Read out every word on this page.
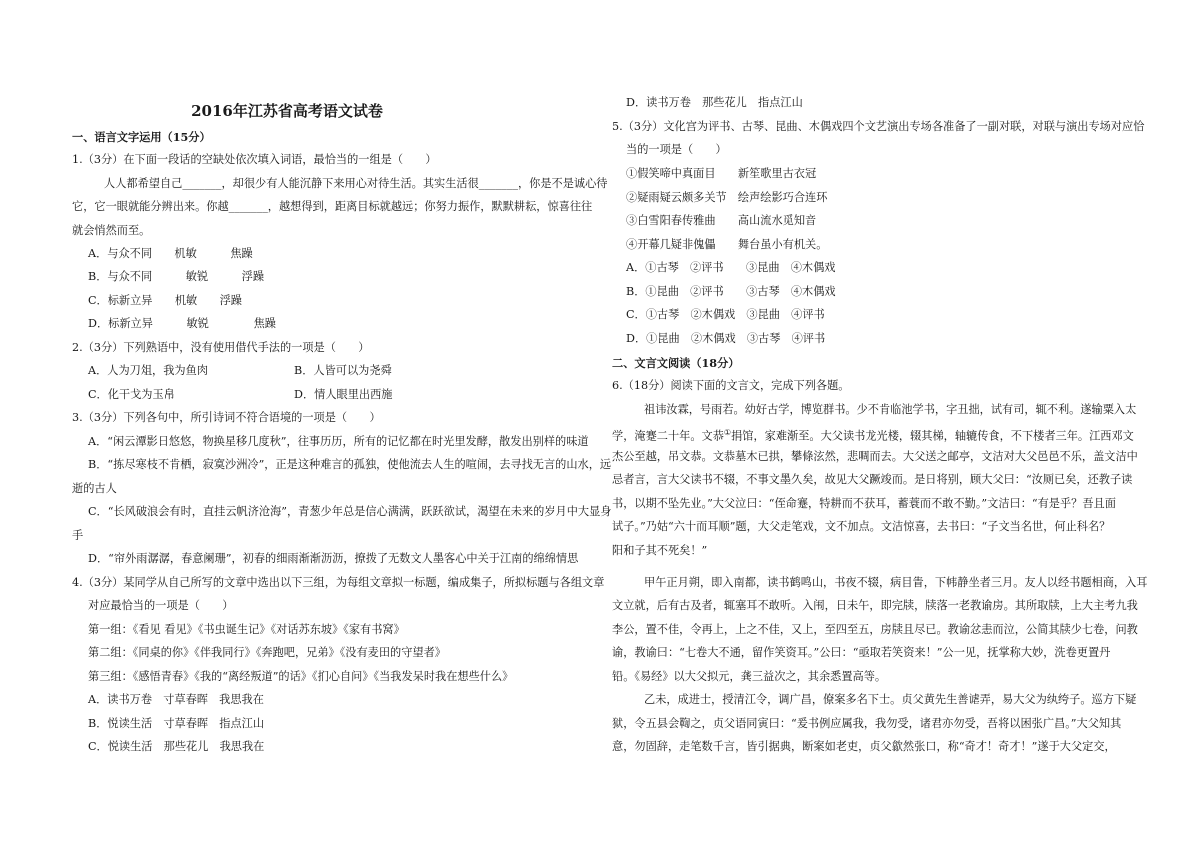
2016年江苏省高考语文试卷
一、语言文字运用（15分）
1.（3分）在下面一段话的空缺处依次填入词语，最恰当的一组是（　　）
人人都希望自己_______，却很少有人能沉静下来用心对待生活。其实生活很_______，你是不是诚心待
它，它一眼就能分辨出来。你越_______，越想得到，距离目标就越远；你努力振作，默默耕耘，惊喜往往
就会悄然而至。
A．与众不同　　机敏　　　焦躁
B．与众不同　　　敏锐　　　浮躁
C．标新立异　　机敏　　浮躁
D．标新立异　　　敏锐　　　　焦躁
2.（3分）下列熟语中，没有使用借代手法的一项是（　　）
A．人为刀俎，我为鱼肉	B．人皆可以为尧舜
C．化干戈为玉帛	D．情人眼里出西施
3.（3分）下列各句中，所引诗词不符合语境的一项是（　　）
A．“闲云潭影日悠悠，物换星移几度秋”，往事历历，所有的记忆都在时光里发酵，散发出别样的味道
B．“拣尽寒枝不肯栖，寂寞沙洲冷”，正是这种难言的孤独，使他流去人生的喧闹，去寻找无言的山水，远
逝的古人
C．“长风破浪会有时，直挂云帆济沧海”，青葱少年总是信心满满，跃跃欲试，渴望在未来的岁月中大显身
手
D．“帘外雨潺潺，春意阑珊”，初春的细雨渐渐沥沥，撩拨了无数文人墨客心中关于江南的绵绵情思
4.（3分）某同学从自己所写的文章中选出以下三组，为每组文章拟一标题，编成集子，所拟标题与各组文章
对应最恰当的一项是（　　）
第一组：《看见 看见》《书虫诞生记》《对话苏东坡》《家有书窝》
第二组：《同桌的你》《伴我同行》《奔跑吧，兄弟》《没有麦田的守望者》
第三组：《感悟青春》《我的“离经叛道”的话》《扪心自问》《当我发呆时我在想些什么》
A．读书万卷　寸草春晖　我思我在
B．悦读生活　寸草春晖　指点江山
C．悦读生活　那些花儿　我思我在
D．读书万卷　那些花儿　指点江山
5.（3分）文化宫为评书、古琴、昆曲、木偶戏四个文艺演出专场各准备了一副对联，对联与演出专场对应恰
当的一项是（　　）
①假笑啼中真面目　　新笙歌里古衣冠
②疑雨疑云颇多关节　绘声绘影巧合连环
③白雪阳春传雅曲　　高山流水觅知音
④开幕几疑非傀儡　　舞台虽小有机关。
A．①古琴　②评书　　③昆曲　④木偶戏
B．①昆曲　②评书　　③古琴　④木偶戏
C．①古琴　②木偶戏　③昆曲　④评书
D．①昆曲　②木偶戏　③古琴　④评书
二、文言文阅读（18分）
6.（18分）阅读下面的文言文，完成下列各题。
祖讳汝霖，号雨若。幼好古学，博览群书。少不肯临池学书，字丑拙，试有司，辄不利。遂输粟入太
学，淹蹇二十年。文恭①捐馆，家难渐至。大父读书龙光楼，辍其梯，轴辘传食，不下楼者三年。江西邓文
杰公至越，吊文恭。文恭墓木已拱，攀條泫然，悲啁而去。大父送之邮亭，文洁对大父邑邑不乐，盖文洁中
忌者言，言大父读书不辍，不事文墨久矣，故见大父蹶竣而。是日将别，顾大父曰：“汝厕已矣，还教子读
书，以期不坠先业。”大父泣曰：“侄命蹇，特耕而不获耳，蓄蓑而不敢不勤。”文洁曰：“有是乎？吾且面
试子。”乃姑“六十而耳顺”题，大父走笔戏，文不加点。文洁惊喜，去书曰：“子文当名世，何止科名？
阳和子其不死矣！”
甲午正月朔，即入南都，读书鹤鸣山，书夜不辍，病目眚，下帏静坐者三月。友人以经书题相商，入耳
文立就，后有古及者，辄塞耳不敢听。入闱，日未午，即完牍，牍落一老教谕房。其所取牍，上大主考九我
李公，置不佳，令再上，上之不佳，又上，至四至五，房牍且尽已。教谕忿恚而泣，公简其牍少七卷，问教
谕，教谕曰：“七卷大不通，留作笑资耳。”公曰：“亟取若笑资来！”公一见，抚掌称大妙，洗卷更置丹
铅。《易经》以大父拟元，龚三益次之，其余悉置高等。
乙未，成进士，授清江令，调广昌，僚案多名下士。贞父黄先生善谑弄，易大父为纨绔子。巡方下疑
狱，令五县会鞫之，贞父语同寅曰：“爰书例应属我，我勿受，诸君亦勿受，吾将以困张广昌。”大父知其
意，勿固辞，走笔数千言，皆引据典，断案如老吏，贞父歙然张口，称“奇才！奇才！”遂于大父定交，
